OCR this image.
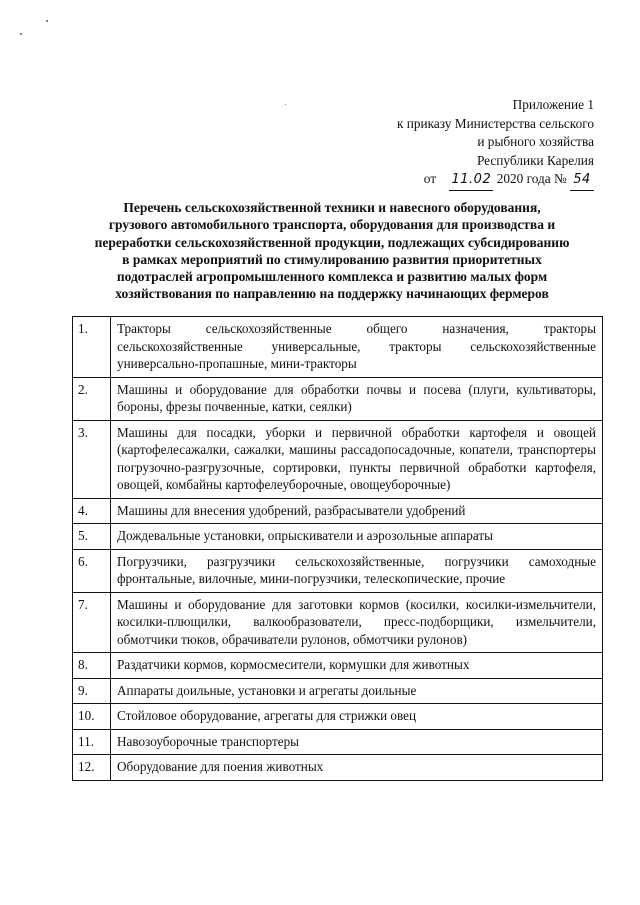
Приложение 1
к приказу Министерства сельского
и рыбного хозяйства
Республики Карелия
от 11.02 2020 года № 54
Перечень сельскохозяйственной техники и навесного оборудования,
грузового автомобильного транспорта, оборудования для производства и
переработки сельскохозяйственной продукции, подлежащих субсидированию
в рамках мероприятий по стимулированию развития приоритетных
подотраслей агропромышленного комплекса и развитию малых форм
хозяйствования по направлению на поддержку начинающих фермеров
1.	Тракторы сельскохозяйственные общего назначения, тракторы сельскохозяйственные универсальные, тракторы сельскохозяйственные универсально-пропашные, мини-тракторы
2.	Машины и оборудование для обработки почвы и посева (плуги, культиваторы, бороны, фрезы почвенные, катки, сеялки)
3.	Машины для посадки, уборки и первичной обработки картофеля и овощей (картофелесажалки, сажалки, машины рассадопосадочные, копатели, транспортеры погрузочно-разгрузочные, сортировки, пункты первичной обработки картофеля, овощей, комбайны картофелеуборочные, овощеуборочные)
4.	Машины для внесения удобрений, разбрасыватели удобрений
5.	Дождевальные установки, опрыскиватели и аэрозольные аппараты
6.	Погрузчики, разгрузчики сельскохозяйственные, погрузчики самоходные фронтальные, вилочные, мини-погрузчики, телескопические, прочие
7.	Машины и оборудование для заготовки кормов (косилки, косилки-измельчители, косилки-плющилки, валкообразователи, пресс-подборщики, измельчители, обмотчики тюков, обрачиватели рулонов, обмотчики рулонов)
8.	Раздатчики кормов, кормосмесители, кормушки для животных
9.	Аппараты доильные, установки и агрегаты доильные
10.	Стойловое оборудование, агрегаты для стрижки овец
11.	Навозоуборочные транспортеры
12.	Оборудование для поения животных
